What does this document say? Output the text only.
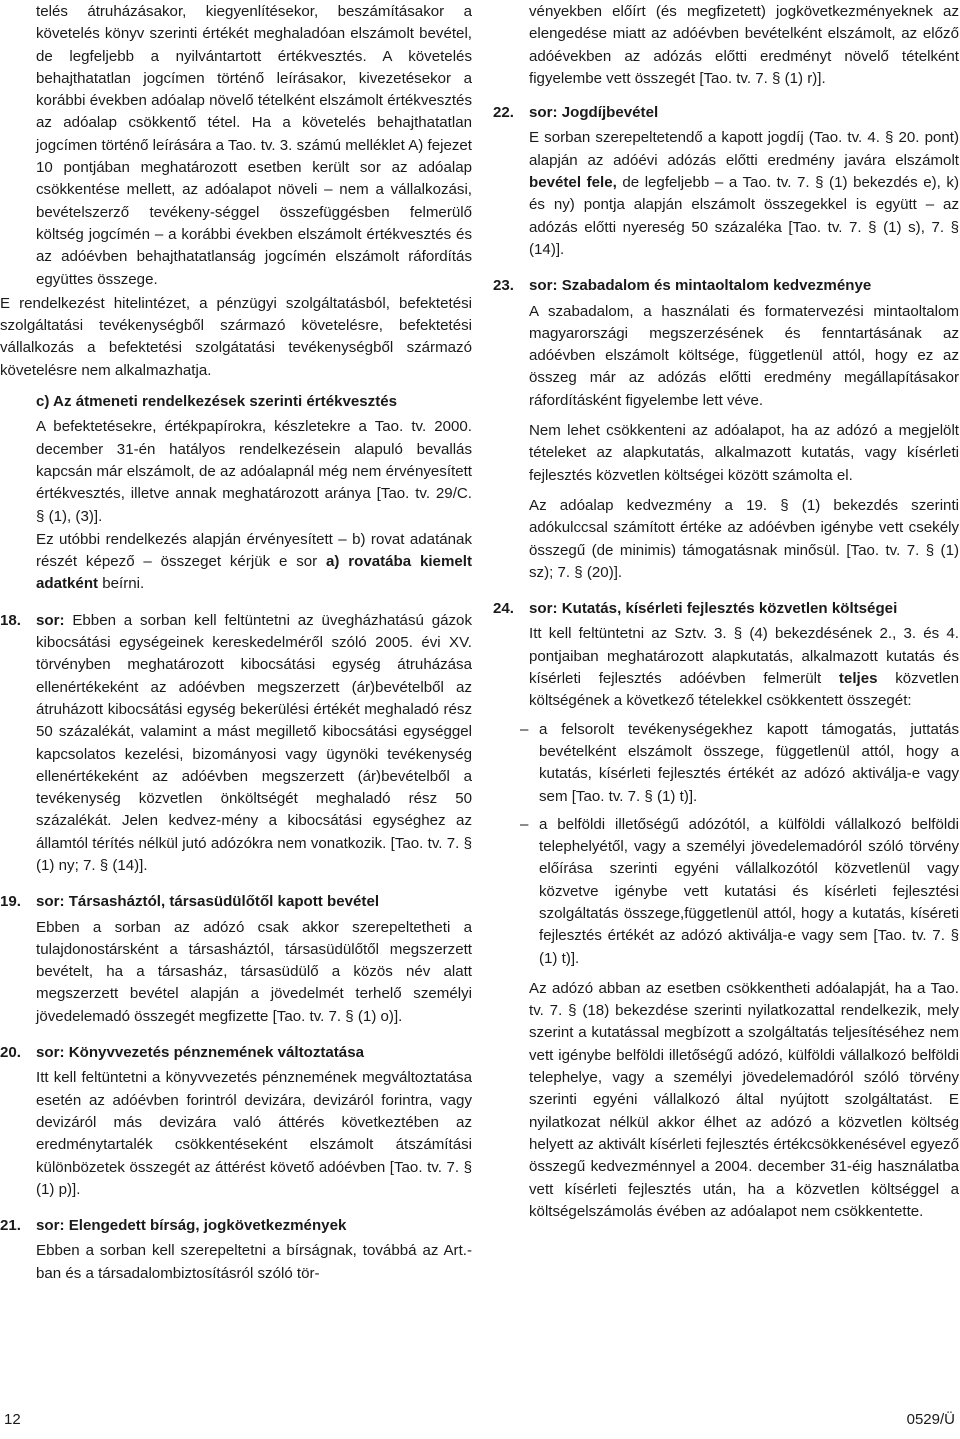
telés átruházásakor, kiegyenlítésekor, beszámításakor a követelés könyv szerinti értékét meghaladóan elszámolt bevétel, de legfeljebb a nyilvántartott értékvesztés. A követelés behajthatatlan jogcímen történő leírásakor, kivezetésekor a korábbi években adóalap növelő tételként elszámolt értékvesztés az adóalap csökkentő tétel. Ha a követelés behajthatatlan jogcímen történő leírására a Tao. tv. 3. számú melléklet A) fejezet 10 pontjában meghatározott esetben került sor az adóalap csökkentése mellett, az adóalapot növeli – nem a vállalkozási, bevételszerző tevékeny-séggel összefüggésben felmerülő költség jogcímén – a korábbi években elszámolt értékvesztés és az adóévben behajthatatlanság jogcímén elszámolt ráfordítás együttes összege.

E rendelkezést hitelintézet, a pénzügyi szolgáltatásból, befektetési szolgáltatási tevékenységből származó követelésre, befektetési vállalkozás a befektetési szolgátatási tevékenységből származó követelésre nem alkalmazhatja.

c) Az átmeneti rendelkezések szerinti értékvesztés

A befektetésekre, értékpapírokra, készletekre a Tao. tv. 2000. december 31-én hatályos rendelkezésein alapuló bevallás kapcsán már elszámolt, de az adóalapnál még nem érvényesített értékvesztés, illetve annak meghatározott aránya [Tao. tv. 29/C. § (1), (3)].

Ez utóbbi rendelkezés alapján érvényesített – b) rovat adatának részét képező – összeget kérjük e sor a) rovatába kiemelt adatként beírni.

18. sor: Ebben a sorban kell feltüntetni az üvegházhatású gázok kibocsátási egységeinek kereskedelméről szóló 2005. évi XV. törvényben meghatározott kibocsátási egység átruházása ellenértékeként az adóévben megszerzett (ár)bevételből az átruházott kibocsátási egység bekerülési értékét meghaladó rész 50 százalékát, valamint a mást megillető kibocsátási egységgel kapcsolatos kezelési, bizományosi vagy ügynöki tevékenység ellenértékeként az adóévben megszerzett (ár)bevételből a tevékenység közvetlen önköltségét meghaladó rész 50 százalékát. Jelen kedvez-mény a kibocsátási egységhez az államtól térítés nélkül jutó adózókra nem vonatkozik. [Tao. tv. 7. § (1) ny; 7. § (14)].

19. sor: Társasháztól, társasüdülőtől kapott bevétel

Ebben a sorban az adózó csak akkor szerepeltetheti a tulajdonostársként a társasháztól, társasüdülőtől megszerzett bevételt, ha a társasház, társasüdülő a közös név alatt megszerzett bevétel alapján a jövedelmét terhelő személyi jövedelemadó összegét megfizette [Tao. tv. 7. § (1) o)].

20. sor: Könyvvezetés pénznemének változtatása

Itt kell feltüntetni a könyvvezetés pénznemének megváltoztatása esetén az adóévben forintról devizára, devizáról forintra, vagy devizáról más devizára való áttérés következtében az eredménytartalék csökkentéseként elszámolt átszámítási különbözetek összegét az áttérést követő adóévben [Tao. tv. 7. § (1) p)].

21. sor: Elengedett bírság, jogkövetkezmények

Ebben a sorban kell szerepeltetni a bírságnak, továbbá az Art.-ban és a társadalombiztosításról szóló tör-

vényekben előírt (és megfizetett) jogkövetkezményeknek az elengedése miatt az adóévben bevételként elszámolt, az előző adóévekben az adózás előtti eredményt növelő tételként figyelembe vett összegét [Tao. tv. 7. § (1) r)].

22. sor: Jogdíjbevétel

E sorban szerepeltetendő a kapott jogdíj (Tao. tv. 4. § 20. pont) alapján az adóévi adózás előtti eredmény javára elszámolt bevétel fele, de legfeljebb – a Tao. tv. 7. § (1) bekezdés e), k) és ny) pontja alapján elszámolt összegekkel is együtt – az adózás előtti nyereség 50 százaléka [Tao. tv. 7. § (1) s), 7. § (14)].

23. sor: Szabadalom és mintaoltalom kedvezménye

A szabadalom, a használati és formatervezési mintaoltalom magyarországi megszerzésének és fenntartásának az adóévben elszámolt költsége, függetlenül attól, hogy ez az összeg már az adózás előtti eredmény megállapításakor ráfordításként figyelembe lett véve.

Nem lehet csökkenteni az adóalapot, ha az adózó a megjelölt tételeket az alapkutatás, alkalmazott kutatás, vagy kísérleti fejlesztés közvetlen költségei között számolta el.

Az adóalap kedvezmény a 19. § (1) bekezdés szerinti adókulccsal számított értéke az adóévben igénybe vett csekély összegű (de minimis) támogatásnak minősül. [Tao. tv. 7. § (1) sz); 7. § (20)].

24. sor: Kutatás, kísérleti fejlesztés közvetlen költségei

Itt kell feltüntetni az Sztv. 3. § (4) bekezdésének 2., 3. és 4. pontjaiban meghatározott alapkutatás, alkalmazott kutatás és kísérleti fejlesztés adóévben felmerült teljes közvetlen költségének a következő tételekkel csökkentett összegét:

– a felsorolt tevékenységekhez kapott támogatás, juttatás bevételként elszámolt összege, függetlenül attól, hogy a kutatás, kísérleti fejlesztés értékét az adózó aktiválja-e vagy sem [Tao. tv. 7. § (1) t)].
– a belföldi illetőségű adózótól, a külföldi vállalkozó belföldi telephelyétől, vagy a személyi jövedelemadóról szóló törvény előírása szerinti egyéni vállalkozótól közvetlenül vagy közvetve igénybe vett kutatási és kísérleti fejlesztési szolgáltatás összege,függetlenül attól, hogy a kutatás, kíséreti fejlesztés értékét az adózó aktiválja-e vagy sem [Tao. tv. 7. § (1) t)].

Az adózó abban az esetben csökkentheti adóalapját, ha a Tao. tv. 7. § (18) bekezdése szerinti nyilatkozattal rendelkezik, mely szerint a kutatással megbízott a szolgáltatás teljesítéséhez nem vett igénybe belföldi illetőségű adózó, külföldi vállalkozó belföldi telephelye, vagy a személyi jövedelemadóról szóló törvény szerinti egyéni vállalkozó által nyújtott szolgáltatást. E nyilatkozat nélkül akkor élhet az adózó a közvetlen költség helyett az aktivált kísérleti fejlesztés értékcsökkenésével egyező összegű kedvezménnyel a 2004. december 31-éig használatba vett kísérleti fejlesztés után, ha a közvetlen költséggel a költségelszámolás évében az adóalapot nem csökkentette.

12	0529/Ü
